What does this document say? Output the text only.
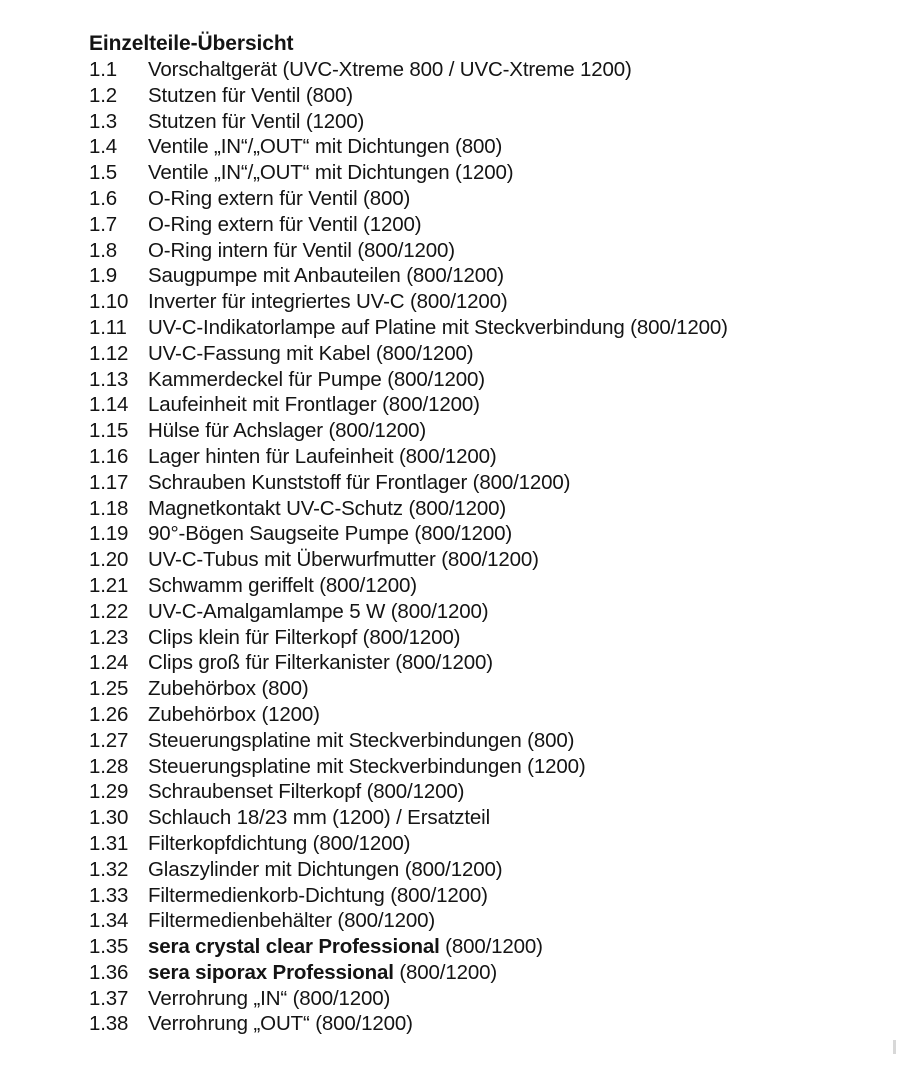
Einzelteile-Übersicht
1.1	Vorschaltgerät (UVC-Xtreme 800 / UVC-Xtreme 1200)
1.2	Stutzen für Ventil (800)
1.3	Stutzen für Ventil (1200)
1.4	Ventile „IN“/„OUT“ mit Dichtungen (800)
1.5	Ventile „IN“/„OUT“ mit Dichtungen (1200)
1.6	O-Ring extern für Ventil (800)
1.7	O-Ring extern für Ventil (1200)
1.8	O-Ring intern für Ventil (800/1200)
1.9	Saugpumpe mit Anbauteilen (800/1200)
1.10 Inverter für integriertes UV-C (800/1200)
1.11	UV-C-Indikatorlampe auf Platine mit Steckverbindung (800/1200)
1.12 UV-C-Fassung mit Kabel (800/1200)
1.13 Kammerdeckel für Pumpe (800/1200)
1.14 Laufeinheit mit Frontlager (800/1200)
1.15 Hülse für Achslager (800/1200)
1.16 Lager hinten für Laufeinheit (800/1200)
1.17 Schrauben Kunststoff für Frontlager (800/1200)
1.18 Magnetkontakt UV-C-Schutz (800/1200)
1.19 90°-Bögen Saugseite Pumpe (800/1200)
1.20 UV-C-Tubus mit Überwurfmutter (800/1200)
1.21 Schwamm geriffelt (800/1200)
1.22 UV-C-Amalgamlampe 5 W (800/1200)
1.23 Clips klein für Filterkopf (800/1200)
1.24 Clips groß für Filterkanister (800/1200)
1.25 Zubehörbox (800)
1.26 Zubehörbox (1200)
1.27 Steuerungsplatine mit Steckverbindungen (800)
1.28 Steuerungsplatine mit Steckverbindungen (1200)
1.29 Schraubenset Filterkopf (800/1200)
1.30 Schlauch 18/23 mm (1200) / Ersatzteil
1.31 Filterkopfdichtung (800/1200)
1.32 Glaszylinder mit Dichtungen (800/1200)
1.33 Filtermedienkorb-Dichtung (800/1200)
1.34 Filtermedienbehälter (800/1200)
1.35 sera crystal clear Professional (800/1200)
1.36 sera siporax Professional (800/1200)
1.37 Verrohrung „IN“ (800/1200)
1.38 Verrohrung „OUT“ (800/1200)
